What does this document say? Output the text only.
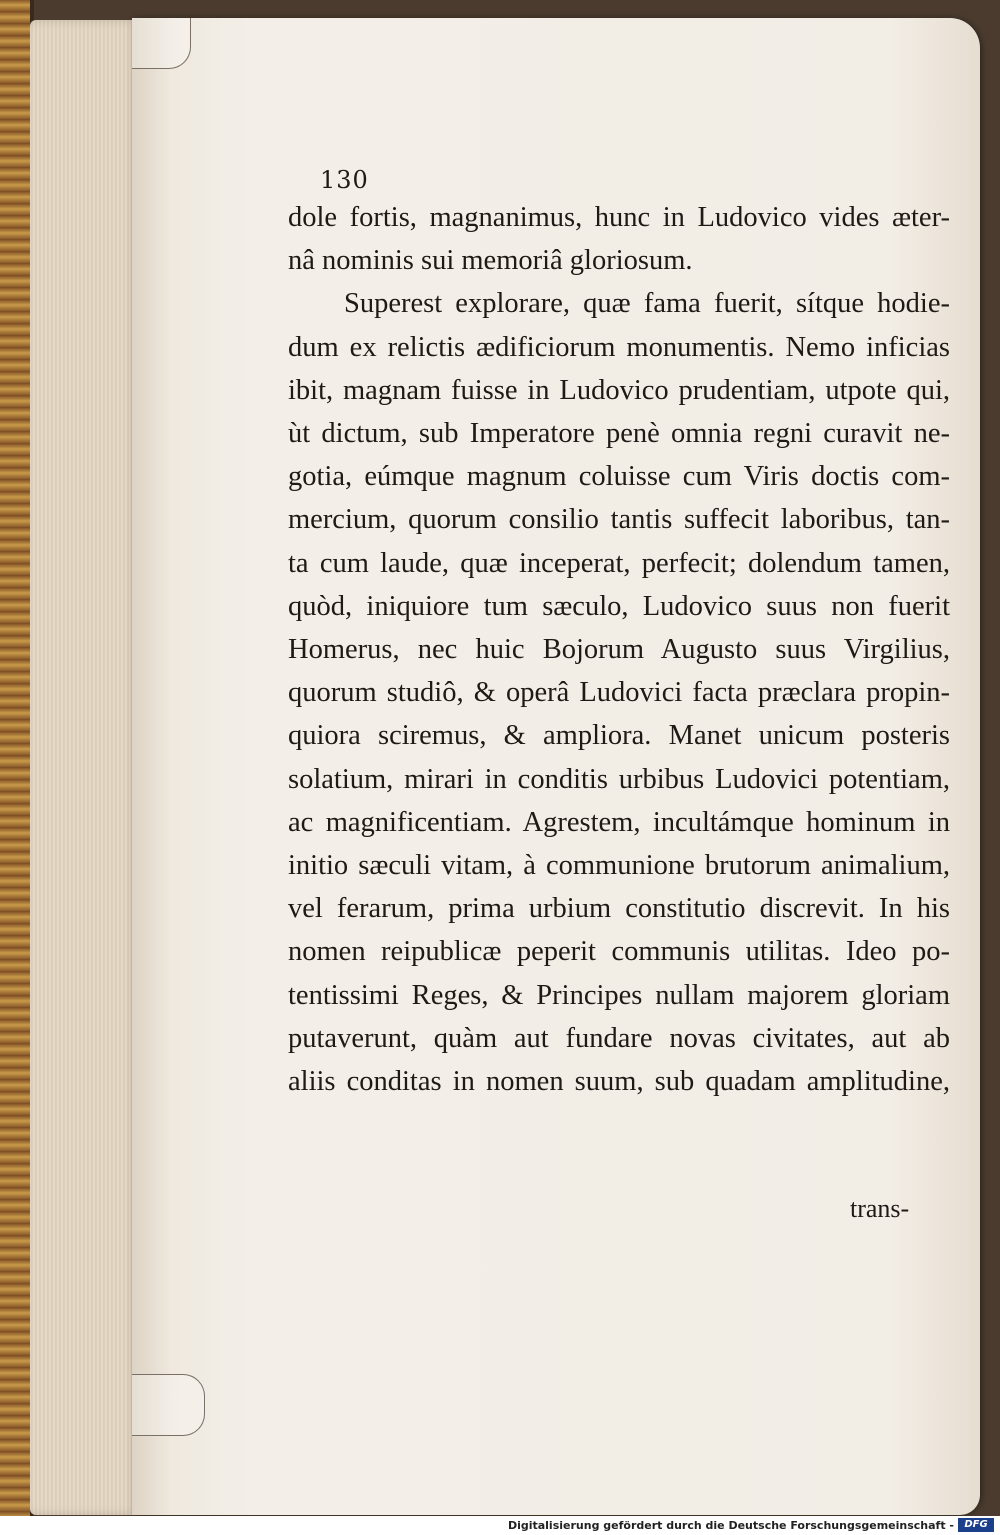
130
dole fortis, magnanimus, hunc in Ludovico vides æter-
nâ nominis sui memoriâ gloriosum.
Superest explorare, quæ fama fuerit, sítque hodie-
dum ex relictis ædificiorum monumentis. Nemo inficias
ibit, magnam fuisse in Ludovico prudentiam, utpote qui,
ùt dictum, sub Imperatore penè omnia regni curavit ne-
gotia, eúmque magnum coluisse cum Viris doctis com-
mercium, quorum consilio tantis suffecit laboribus, tan-
ta cum laude, quæ inceperat, perfecit; dolendum tamen,
quòd, iniquiore tum sæculo, Ludovico suus non fuerit
Homerus, nec huic Bojorum Augusto suus Virgilius,
quorum studiô, & operâ Ludovici facta præclara propin-
quiora sciremus, & ampliora. Manet unicum posteris
solatium, mirari in conditis urbibus Ludovici potentiam,
ac magnificentiam. Agrestem, incultámque hominum in
initio sæculi vitam, à communione brutorum animalium,
vel ferarum, prima urbium constitutio discrevit. In his
nomen reipublicæ peperit communis utilitas. Ideo po-
tentissimi Reges, & Principes nullam majorem gloriam
putaverunt, quàm aut fundare novas civitates, aut ab
aliis conditas in nomen suum, sub quadam amplitudine,
trans-
Digitalisierung gefördert durch die Deutsche Forschungsgemeinschaft -	DFG
